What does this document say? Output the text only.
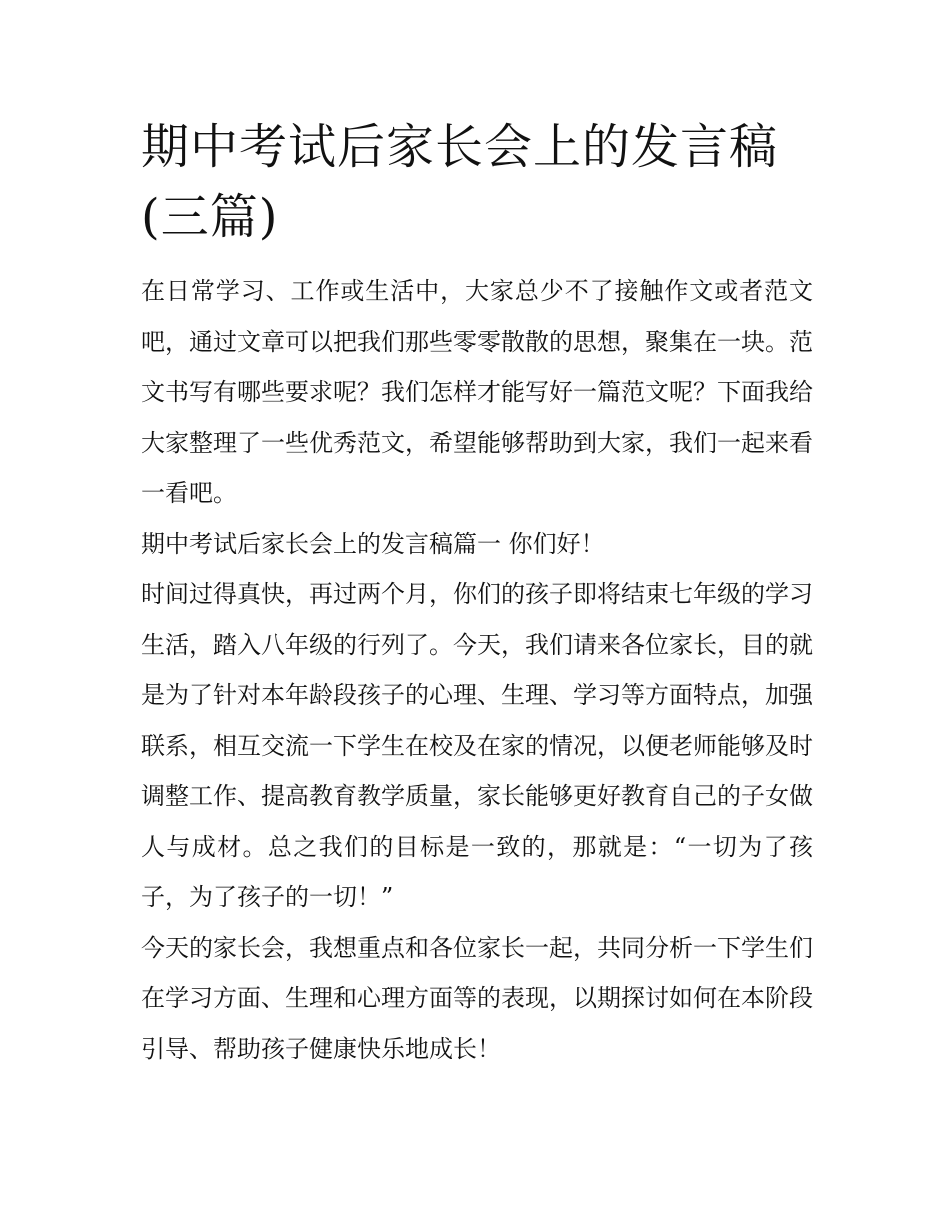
期中考试后家长会上的发言稿(三篇)

在日常学习、工作或生活中，大家总少不了接触作文或者范文吧，通过文章可以把我们那些零零散散的思想，聚集在一块。范文书写有哪些要求呢？我们怎样才能写好一篇范文呢？下面我给大家整理了一些优秀范文，希望能够帮助到大家，我们一起来看一看吧。

期中考试后家长会上的发言稿篇一 你们好！

时间过得真快，再过两个月，你们的孩子即将结束七年级的学习生活，踏入八年级的行列了。今天，我们请来各位家长，目的就是为了针对本年龄段孩子的心理、生理、学习等方面特点，加强联系，相互交流一下学生在校及在家的情况，以便老师能够及时调整工作、提高教育教学质量，家长能够更好教育自己的子女做人与成材。总之我们的目标是一致的，那就是：“一切为了孩子，为了孩子的一切！”

今天的家长会，我想重点和各位家长一起，共同分析一下学生们在学习方面、生理和心理方面等的表现，以期探讨如何在本阶段引导、帮助孩子健康快乐地成长！
